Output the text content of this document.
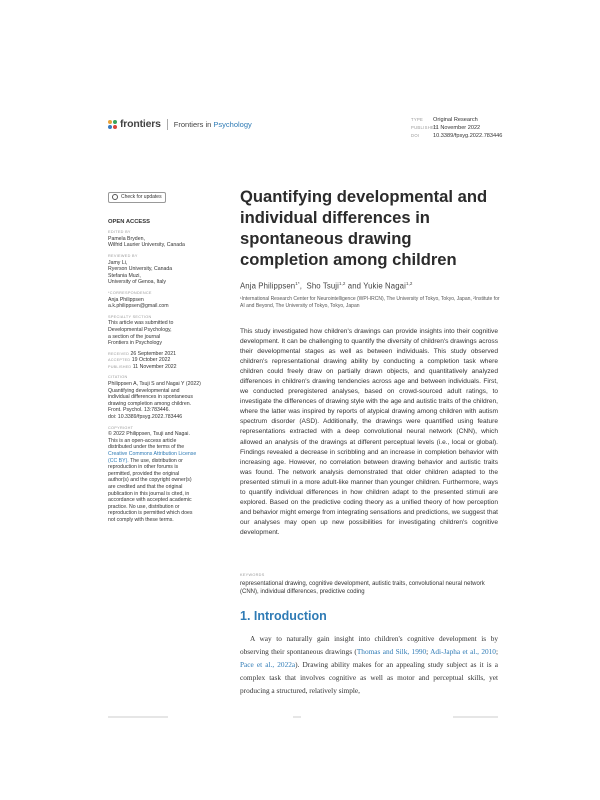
frontiers Frontiers in Psychology	TYPE Original Research
PUBLISHED11 November 2022
DOI 10.3389/fpsyg.2022.783446
Check for updates
OPEN ACCESS
EDITED BY
Pamela Bryden,
Wilfrid Laurier University, Canada
REVIEWED BY
Jamy Li,
Ryerson University, Canada
Stefania Muzi,
University of Genoa, Italy
*CORRESPONDENCE
Anja Philippsen
a.k.philippsen@gmail.com
SPECIALTY SECTION
This article was submitted to
Developmental Psychology,
a section of the journal
Frontiers in Psychology
RECEIVED 26 September 2021
ACCEPTED 19 October 2022
PUBLISHED 11 November 2022
CITATION
Philippsen A, Tsuji S and Nagai Y (2022)
Quantifying developmental and
individual differences in spontaneous
drawing completion among children.
Front. Psychol. 13:783446.
doi: 10.3389/fpsyg.2022.783446
COPYRIGHT
© 2022 Philippsen, Tsuji and Nagai.
This is an open-access article
distributed under the terms of the
Creative Commons Attribution License
(CC BY). The use, distribution or
reproduction in other forums is
permitted, provided the original
author(s) and the copyright owner(s)
are credited and that the original
publication in this journal is cited, in
accordance with accepted academic
practice. No use, distribution or
reproduction is permitted which does
not comply with these terms.
Quantifying developmental and individual differences in spontaneous drawing completion among children
Anja Philippsen$^{1*}$,  Sho Tsuji$^{1,2}$ and Yukie Nagai$^{1,2}$
¹International Research Center for Neurointelligence (WPI-IRCN), The University of Tokyo, Tokyo, Japan, ²Institute for AI and Beyond, The University of Tokyo, Tokyo, Japan

This study investigated how children's drawings can provide insights into their cognitive development. It can be challenging to quantify the diversity of children's drawings across their developmental stages as well as between individuals. This study observed children's representational drawing ability by conducting a completion task where children could freely draw on partially drawn objects, and quantitatively analyzed differences in children's drawing tendencies across age and between individuals. First, we conducted preregistered analyses, based on crowd-sourced adult ratings, to investigate the differences of drawing style with the age and autistic traits of the children, where the latter was inspired by reports of atypical drawing among children with autism spectrum disorder (ASD). Additionally, the drawings were quantified using feature representations extracted with a deep convolutional neural network (CNN), which allowed an analysis of the drawings at different perceptual levels (i.e., local or global). Findings revealed a decrease in scribbling and an increase in completion behavior with increasing age. However, no correlation between drawing behavior and autistic traits was found. The network analysis demonstrated that older children adapted to the presented stimuli in a more adult-like manner than younger children. Furthermore, ways to quantify individual differences in how children adapt to the presented stimuli are explored. Based on the predictive coding theory as a unified theory of how perception and behavior might emerge from integrating sensations and predictions, we suggest that our analyses may open up new possibilities for investigating children's cognitive development.

KEYWORDS
representational drawing, cognitive development, autistic traits, convolutional neural network (CNN), individual differences, predictive coding
1. Introduction

A way to naturally gain insight into children's cognitive development is by observing their spontaneous drawings (Thomas and Silk, 1990; Adi-Japha et al., 2010; Pace et al., 2022a). Drawing ability makes for an appealing study subject as it is a complex task that involves cognitive as well as motor and perceptual skills, yet producing a structured, relatively simple,
